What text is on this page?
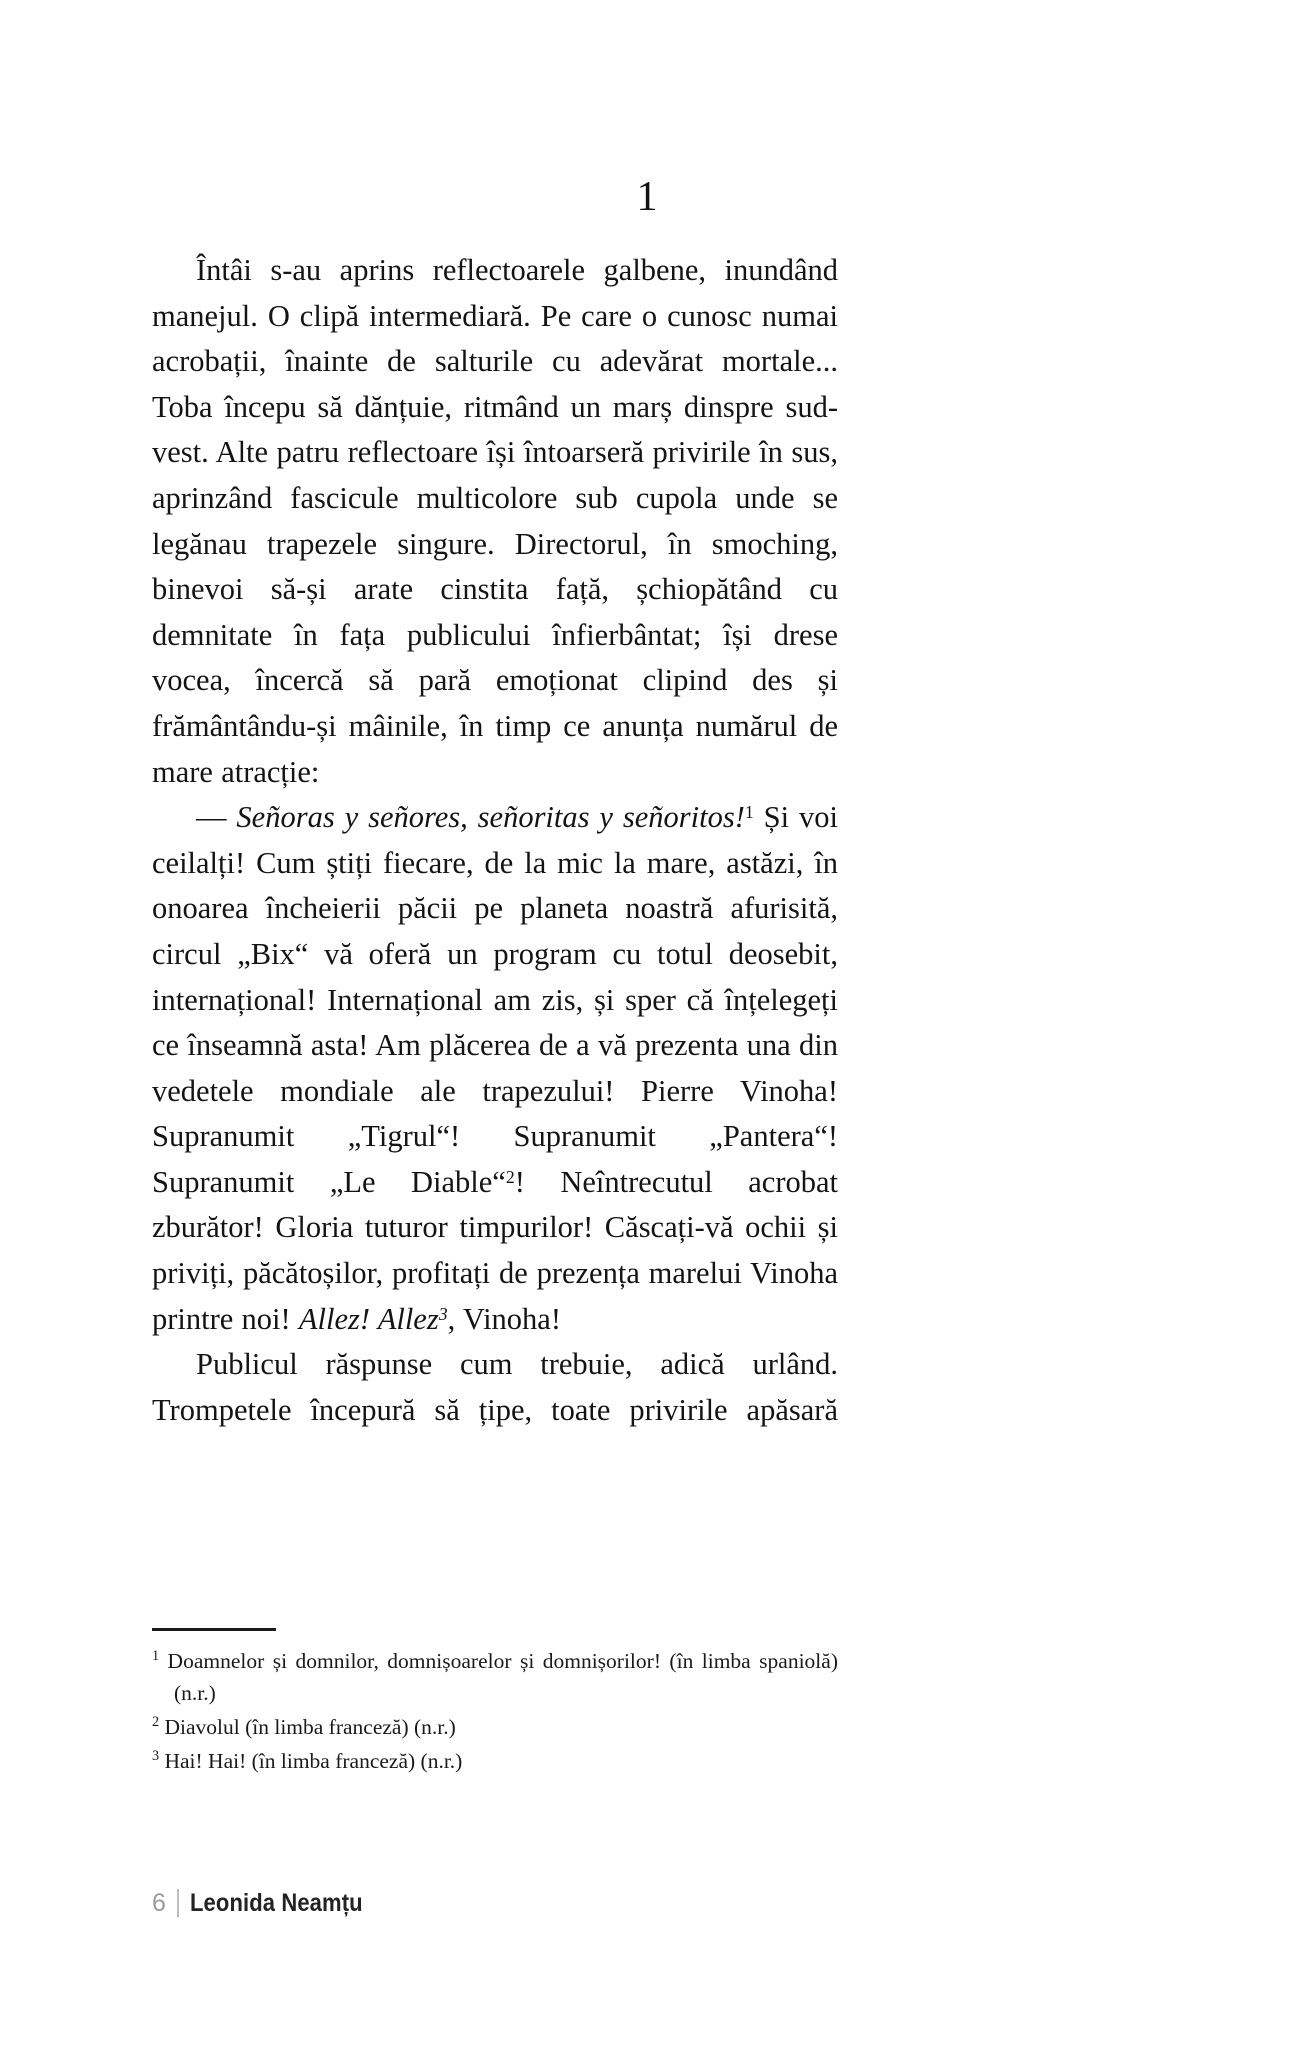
1

Întâi s-au aprins reflectoarele galbene, inundând manejul. O clipă intermediară. Pe care o cunosc numai acrobații, înainte de salturile cu adevărat mortale... Toba începu să dănțuie, ritmând un marș dinspre sud-vest. Alte patru reflectoare își întoarseră privirile în sus, aprinzând fascicule multicolore sub cupola unde se legănau trapezele singure. Directorul, în smoching, binevoi să-și arate cinstita față, șchiopătând cu demnitate în fața publicului înfierbântat; își drese vocea, încercă să pară emoționat clipind des și frământându-și mâinile, în timp ce anunța numărul de mare atracție:

— Señoras y señores, señoritas y señoritos!$^1$ Și voi ceilalți! Cum știți fiecare, de la mic la mare, astăzi, în onoarea încheierii păcii pe planeta noastră afurisită, circul „Bix“ vă oferă un program cu totul deosebit, internațional! Internațional am zis, și sper că înțelegeți ce înseamnă asta! Am plăcerea de a vă prezenta una din vedetele mondiale ale trapezului! Pierre Vinoha! Supranumit „Tigrul“! Supranumit „Pantera“! Supranumit „Le Diable“$^2$! Neîntrecutul acrobat zburător! Gloria tuturor timpurilor! Căscați-vă ochii și priviți, păcătoșilor, profitați de prezența marelui Vinoha printre noi! Allez! Allez$^3$, Vinoha!

Publicul răspunse cum trebuie, adică urlând. Trompetele începură să țipe, toate privirile apăsară

$^1$ Doamnelor și domnilor, domnișoarelor și domnișorilor! (în limba spaniolă) (n.r.)

$^2$ Diavolul (în limba franceză) (n.r.)

$^3$ Hai! Hai! (în limba franceză) (n.r.)

6 Leonida Neamțu
